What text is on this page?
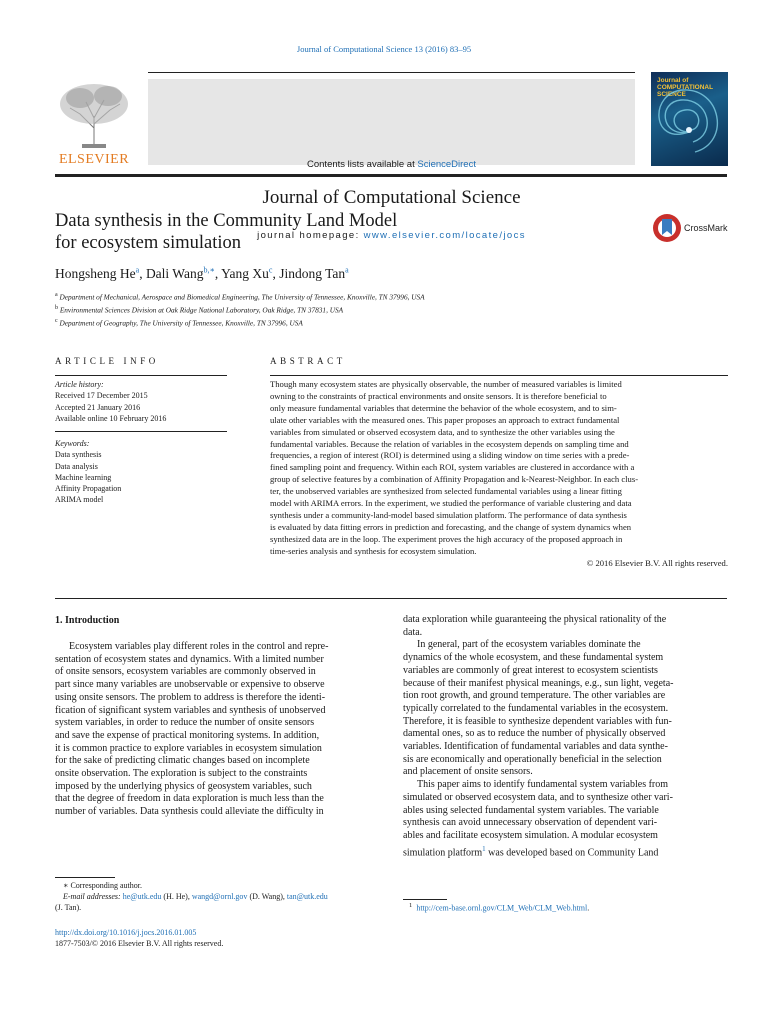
Journal of Computational Science 13 (2016) 83–95
ELSEVIER	Contents lists available at ScienceDirect
Journal of Computational Science
journal homepage: www.elsevier.com/locate/jocs
Journal of COMPUTATIONAL SCIENCE
Data synthesis in the Community Land Model
for ecosystem simulation
CrossMark
Hongsheng He$^a$, Dali Wang$^{b,∗}$, Yang Xu$^c$, Jindong Tan$^a$
$^a$ Department of Mechanical, Aerospace and Biomedical Engineering, The University of Tennessee, Knoxville, TN 37996, USA
$^b$ Environmental Sciences Division at Oak Ridge National Laboratory, Oak Ridge, TN 37831, USA
$^c$ Department of Geography, The University of Tennessee, Knoxville, TN 37996, USA
ARTICLE INFO	ABSTRACT
Article history:
Received 17 December 2015
Accepted 21 January 2016
Available online 10 February 2016
Keywords:
Data synthesis
Data analysis
Machine learning
Affinity Propagation
ARIMA model
Though many ecosystem states are physically observable, the number of measured variables is limited
owning to the constraints of practical environments and onsite sensors. It is therefore beneficial to
only measure fundamental variables that determine the behavior of the whole ecosystem, and to sim-
ulate other variables with the measured ones. This paper proposes an approach to extract fundamental
variables from simulated or observed ecosystem data, and to synthesize the other variables using the
fundamental variables. Because the relation of variables in the ecosystem depends on sampling time and
frequencies, a region of interest (ROI) is determined using a sliding window on time series with a prede-
fined sampling point and frequency. Within each ROI, system variables are clustered in accordance with a
group of selective features by a combination of Affinity Propagation and k-Nearest-Neighbor. In each clus-
ter, the unobserved variables are synthesized from selected fundamental variables using a linear fitting
model with ARIMA errors. In the experiment, we studied the performance of variable clustering and data
synthesis under a community-land-model based simulation platform. The performance of data synthesis
is evaluated by data fitting errors in prediction and forecasting, and the change of system dynamics when
synthesized data are in the loop. The experiment proves the high accuracy of the proposed approach in
time-series analysis and synthesis for ecosystem simulation.
© 2016 Elsevier B.V. All rights reserved.
1. Introduction
Ecosystem variables play different roles in the control and repre-
sentation of ecosystem states and dynamics. With a limited number
of onsite sensors, ecosystem variables are commonly observed in
part since many variables are unobservable or expensive to observe
using onsite sensors. The problem to address is therefore the identi-
fication of significant system variables and synthesis of unobserved
system variables, in order to reduce the number of onsite sensors
and save the expense of practical monitoring systems. In addition,
it is common practice to explore variables in ecosystem simulation
for the sake of predicting climatic changes based on incomplete
onsite observation. The exploration is subject to the constraints
imposed by the underlying physics of geosystem variables, such
that the degree of freedom in data exploration is much less than the
number of variables. Data synthesis could alleviate the difficulty in
data exploration while guaranteeing the physical rationality of the
data.
In general, part of the ecosystem variables dominate the
dynamics of the whole ecosystem, and these fundamental system
variables are commonly of great interest to ecosystem scientists
because of their manifest physical meanings, e.g., sun light, vegeta-
tion root growth, and ground temperature. The other variables are
typically correlated to the fundamental variables in the ecosystem.
Therefore, it is feasible to synthesize dependent variables with fun-
damental ones, so as to reduce the number of physically observed
variables. Identification of fundamental variables and data synthe-
sis are economically and operationally beneficial in the selection
and placement of onsite sensors.
This paper aims to identify fundamental system variables from
simulated or observed ecosystem data, and to synthesize other vari-
ables using selected fundamental system variables. The variable
synthesis can avoid unnecessary observation of dependent vari-
ables and facilitate ecosystem simulation. A modular ecosystem
simulation platform$^1$ was developed based on Community Land
∗ Corresponding author.
E-mail addresses: he@utk.edu (H. He), wangd@ornl.gov (D. Wang), tan@utk.edu
(J. Tan).	$^1$ http://cem-base.ornl.gov/CLM_Web/CLM_Web.html.
http://dx.doi.org/10.1016/j.jocs.2016.01.005
1877-7503/© 2016 Elsevier B.V. All rights reserved.
